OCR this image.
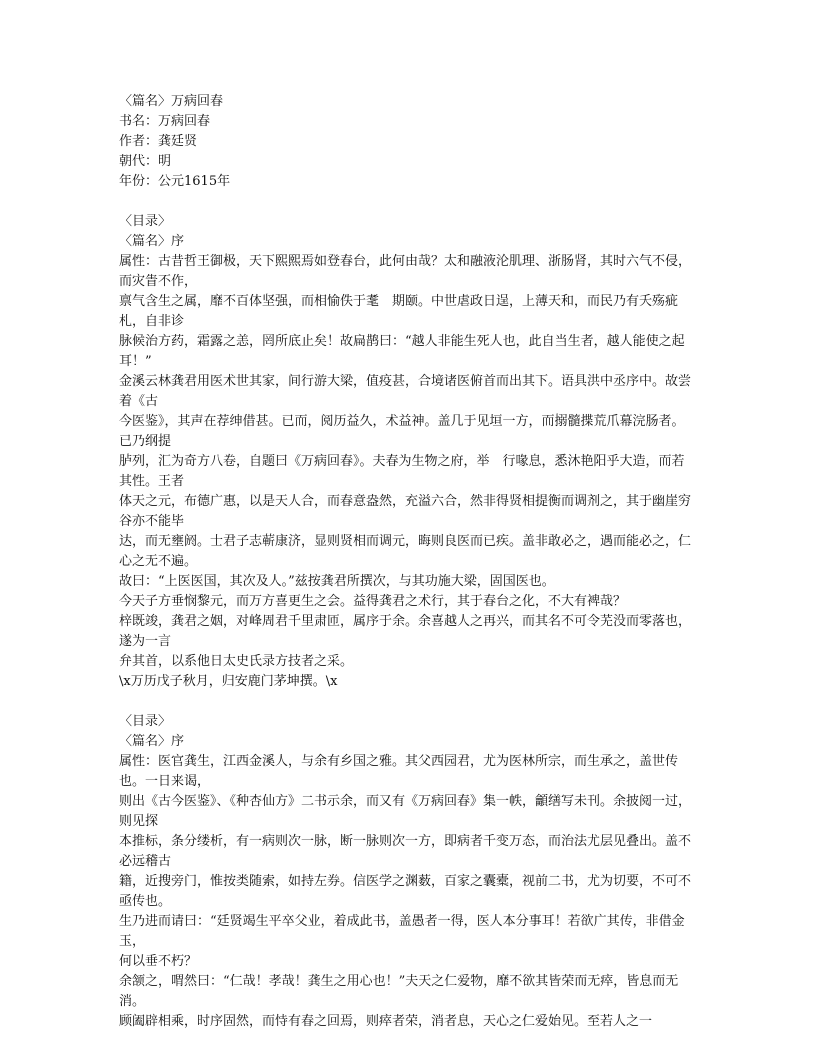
〈篇名〉万病回春
书名：万病回春
作者：龚廷贤
朝代：明
年份：公元1615年
〈目录〉
〈篇名〉序
属性：古昔哲王御极，天下熙熙焉如登春台，此何由哉？太和融液沦肌理、浙肠肾，其时六气不侵，而灾眚不作，
禀气含生之属，靡不百体坚强，而相愉佚于耄　期颐。中世虐政日逞，上薄天和，而民乃有夭殇疵札，自非诊
脉候治方药，霜露之恙，罔所底止矣！故扁鹊曰：“越人非能生死人也，此自当生者，越人能使之起耳！”
金溪云林龚君用医术世其家，间行游大梁，值疫甚，合境诸医俯首而出其下。语具洪中丞序中。故尝着《古
今医鉴》，其声在荐绅借甚。已而，阅历益久，术益神。盖几于见垣一方，而搦髓揲荒爪幕浣肠者。已乃纲提
胪列，汇为奇方八卷，自题曰《万病回春》。夫春为生物之府，举　行喙息，悉沐艳阳乎大造，而若其性。王者
体天之元，布德广惠，以是天人合，而春意盎然，充溢六合，然非得贤相提衡而调剂之，其于幽崖穷谷亦不能毕
达，而无壅阏。士君子志蕲康济，显则贤相而调元，晦则良医而已疾。盖非敢必之，遇而能必之，仁心之无不遍。
故曰：“上医医国，其次及人。”兹按龚君所撰次，与其功施大梁，固国医也。
今天子方垂悯黎元，而万方喜更生之会。益得龚君之术行，其于春台之化，不大有裨哉？
梓既竣，龚君之姻，对峰周君千里肃匝，属序于余。余喜越人之再兴，而其名不可令芜没而零落也，遂为一言
弁其首，以系他日太史氏录方技者之采。
\x万历戊子秋月，归安鹿门茅坤撰。\x
〈目录〉
〈篇名〉序
属性：医官龚生，江西金溪人，与余有乡国之雅。其父西园君，尤为医林所宗，而生承之，盖世传也。一日来谒，
则出《古今医鉴》、《种杏仙方》二书示余，而又有《万病回春》集一帙，龥缮写未刊。余披阅一过，则见探
本推标，条分缕析，有一病则次一脉，断一脉则次一方，即病者千变万态，而治法尤层见叠出。盖不必远稽古
籍，近搜旁门，惟按类随索，如持左券。信医学之渊薮，百家之囊橐，视前二书，尤为切要，不可不亟传也。
生乃进而请曰：“廷贤竭生平卒父业，着成此书，盖愚者一得，医人本分事耳！若欲广其传，非借金玉，
何以垂不朽？
余颔之，喟然曰：“仁哉！孝哉！龚生之用心也！”夫天之仁爱物，靡不欲其皆荣而无瘁，皆息而无消。
顾阖辟相乘，时序固然，而恃有春之回焉，则瘁者荣，消者息，天心之仁爱始见。至若人之一
